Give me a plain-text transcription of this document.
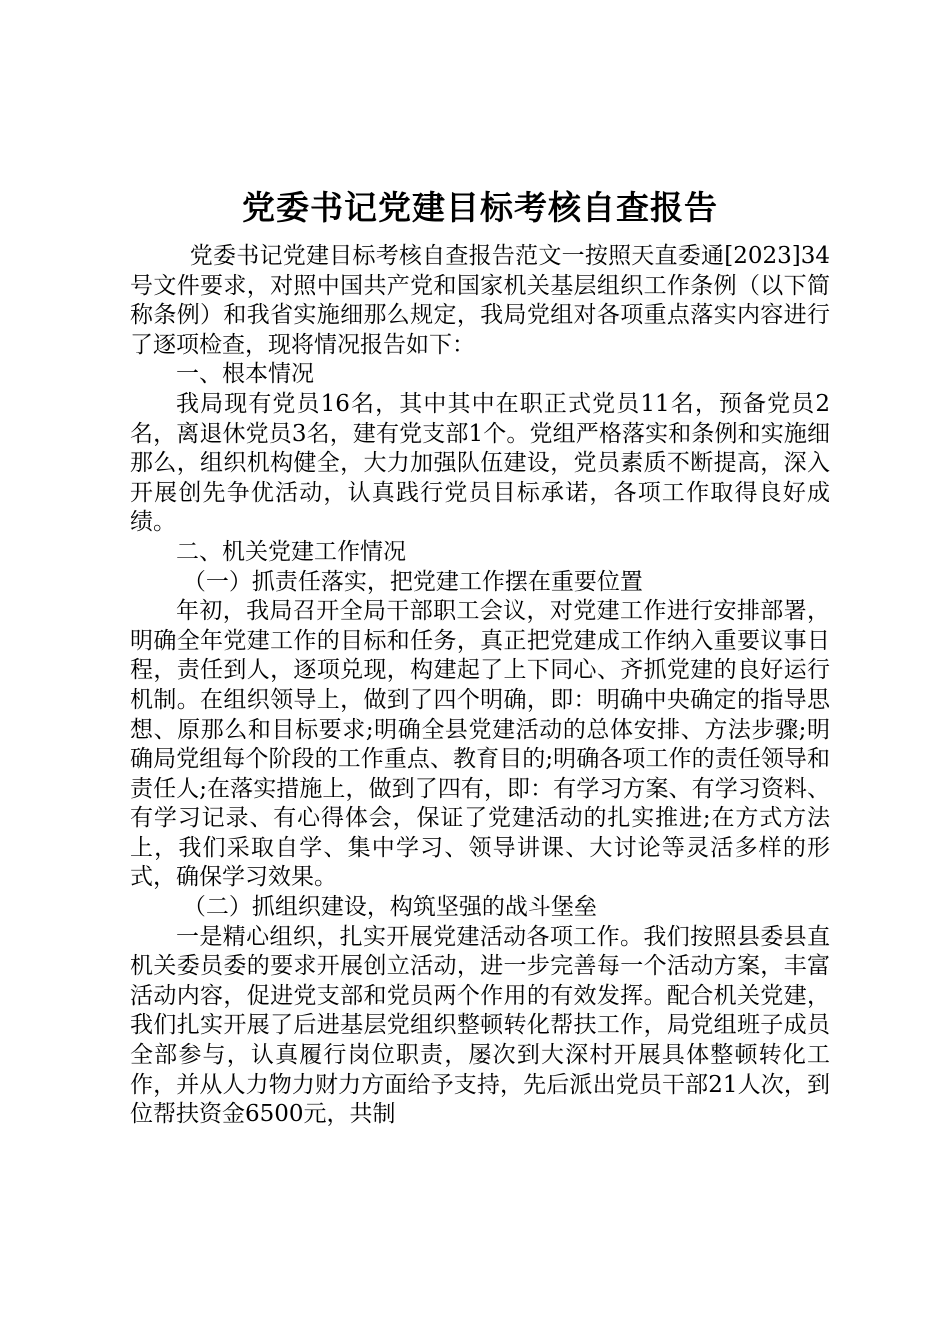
党委书记党建目标考核自查报告

党委书记党建目标考核自查报告范文一按照天直委通[2023]34号文件要求，对照中国共产党和国家机关基层组织工作条例（以下简称条例）和我省实施细那么规定，我局党组对各项重点落实内容进行了逐项检查，现将情况报告如下：

一、根本情况

我局现有党员16名，其中其中在职正式党员11名，预备党员2名，离退休党员3名，建有党支部1个。党组严格落实和条例和实施细那么，组织机构健全，大力加强队伍建设，党员素质不断提高，深入开展创先争优活动，认真践行党员目标承诺，各项工作取得良好成绩。

二、机关党建工作情况

（一）抓责任落实，把党建工作摆在重要位置

年初，我局召开全局干部职工会议，对党建工作进行安排部署，明确全年党建工作的目标和任务，真正把党建成工作纳入重要议事日程，责任到人，逐项兑现，构建起了上下同心、齐抓党建的良好运行机制。在组织领导上，做到了四个明确，即：明确中央确定的指导思想、原那么和目标要求;明确全县党建活动的总体安排、方法步骤;明确局党组每个阶段的工作重点、教育目的;明确各项工作的责任领导和责任人;在落实措施上，做到了四有，即：有学习方案、有学习资料、有学习记录、有心得体会，保证了党建活动的扎实推进;在方式方法上，我们采取自学、集中学习、领导讲课、大讨论等灵活多样的形式，确保学习效果。

（二）抓组织建设，构筑坚强的战斗堡垒

一是精心组织，扎实开展党建活动各项工作。我们按照县委县直机关委员委的要求开展创立活动，进一步完善每一个活动方案，丰富活动内容，促进党支部和党员两个作用的有效发挥。配合机关党建，我们扎实开展了后进基层党组织整顿转化帮扶工作，局党组班子成员全部参与，认真履行岗位职责，屡次到大深村开展具体整顿转化工作，并从人力物力财力方面给予支持，先后派出党员干部21人次，到位帮扶资金6500元，共制
